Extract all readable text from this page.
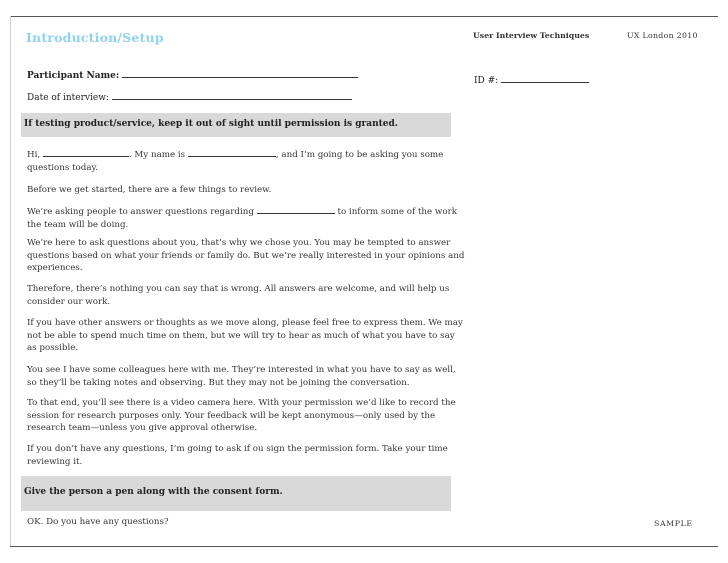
Introduction/Setup	User Interview Techniques	UX London 2010
Participant Name:	ID #:
Date of interview:
If testing product/service, keep it out of sight until permission is granted.
Hi,	. My name is	, and I’m going to be asking you some questions today.
Before we get started, there are a few things to review.
We’re asking people to answer questions regarding	to inform some of the work the team will be doing.
We’re here to ask questions about you, that’s why we chose you. You may be tempted to answer questions based on what your friends or family do. But we’re really interested in your opinions and experiences.
Therefore, there’s nothing you can say that is wrong. All answers are welcome, and will help us consider our work.
If you have other answers or thoughts as we move along, please feel free to express them. We may not be able to spend much time on them, but we will try to hear as much of what you have to say as possible.
You see I have some colleagues here with me. They’re interested in what you have to say as well, so they’ll be taking notes and observing. But they may not be joining the conversation.
To that end, you’ll see there is a video camera here. With your permission we’d like to record the session for research purposes only. Your feedback will be kept anonymous—only used by the research team—unless you give approval otherwise.
If you don’t have any questions, I’m going to ask if ou sign the permission form. Take your time reviewing it.
Give the person a pen along with the consent form.
OK. Do you have any questions?	SAMPLE
